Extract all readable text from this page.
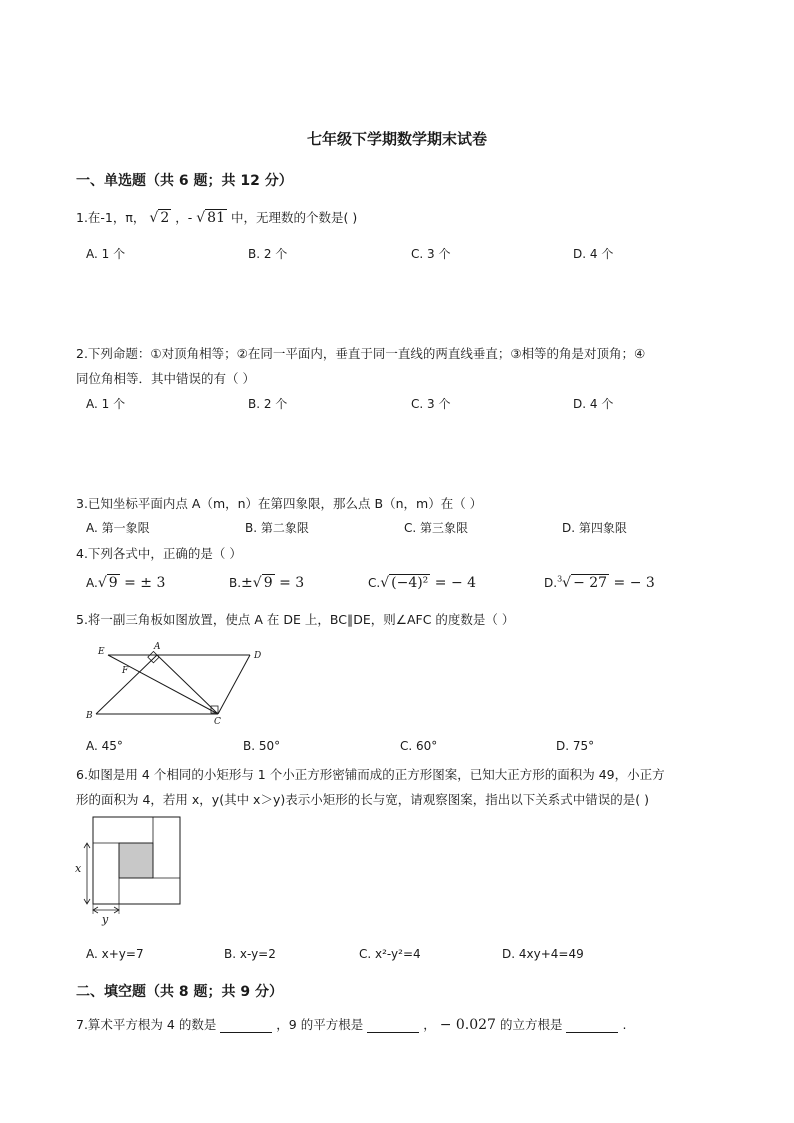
七年级下学期数学期末试卷
一、单选题（共 6 题；共 12 分）
1.在-1，π， √ 2 ，- √ 81 中，无理数的个数是( )
A. 1 个	B. 2 个	C. 3 个	D. 4 个
2.下列命题：①对顶角相等；②在同一平面内，垂直于同一直线的两直线垂直；③相等的角是对顶角；④
同位角相等．其中错误的有（ ）
A. 1 个	B. 2 个	C. 3 个	D. 4 个
3.已知坐标平面内点 A（m，n）在第四象限，那么点 B（n，m）在（ ）
A. 第一象限	B. 第二象限	C. 第三象限	D. 第四象限
4.下列各式中，正确的是（ ）
A.√ 9 = ± 3	B.±√ 9 = 3	C.√ (−4)² = − 4	D.$^3$√ − 27 = − 3
5.将一副三角板如图放置，使点 A 在 DE 上，BC∥DE，则∠AFC 的度数是（ ）
E	A
D
F
B
C
A. 45°	B. 50°	C. 60°	D. 75°
6.如图是用 4 个相同的小矩形与 1 个小正方形密铺而成的正方形图案，已知大正方形的面积为 49，小正方
形的面积为 4，若用 x，y(其中 x＞y)表示小矩形的长与宽，请观察图案，指出以下关系式中错误的是( )
x
y
A. x+y=7	B. x-y=2	C. x²-y²=4	D. 4xy+4=49
二、填空题（共 8 题；共 9 分）
7.算术平方根为 4 的数是	，9 的平方根是	， − 0.027 的立方根是	.
